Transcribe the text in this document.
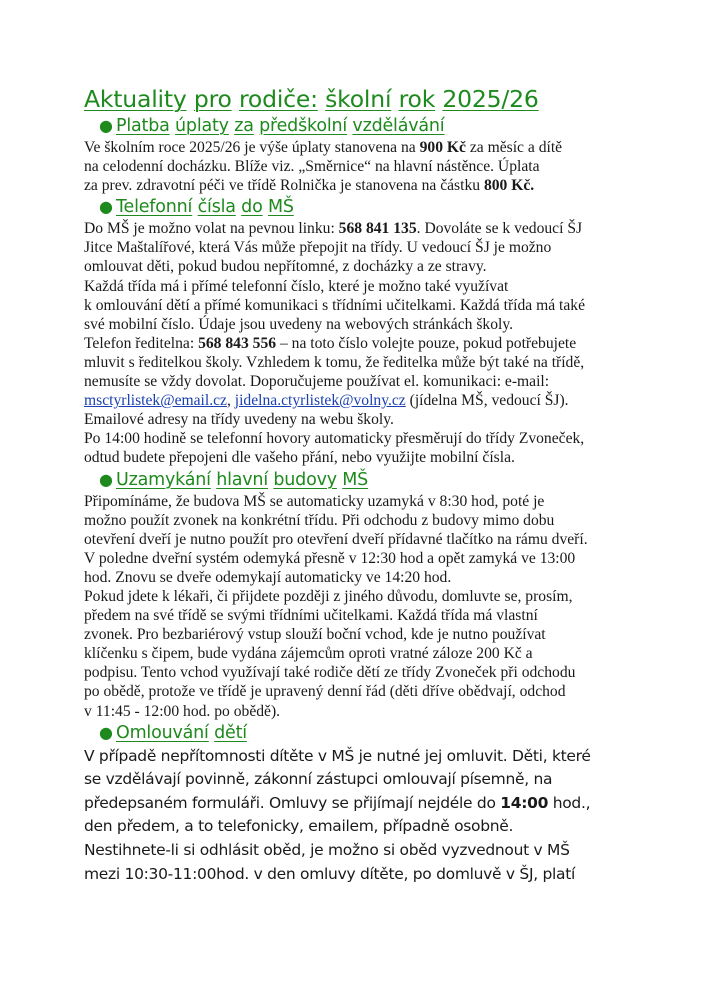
Aktuality pro rodiče: školní rok 2025/26
● Platba úplaty za předškolní vzdělávání

Ve školním roce 2025/26 je výše úplaty stanovena na 900 Kč za měsíc a dítě
na celodenní docházku. Blíže viz. „Směrnice“ na hlavní nástěnce. Úplata
za prev. zdravotní péči ve třídě Rolnička je stanovena na částku 800 Kč.

● Telefonní čísla do MŠ

Do MŠ je možno volat na pevnou linku: 568 841 135. Dovoláte se k vedoucí ŠJ
Jitce Maštalířové, která Vás může přepojit na třídy. U vedoucí ŠJ je možno
omlouvat děti, pokud budou nepřítomné, z docházky a ze stravy.
Každá třída má i přímé telefonní číslo, které je možno také využívat
k omlouvání dětí a přímé komunikaci s třídními učitelkami. Každá třída má také
své mobilní číslo. Údaje jsou uvedeny na webových stránkách školy.
Telefon ředitelna: 568 843 556 – na toto číslo volejte pouze, pokud potřebujete
mluvit s ředitelkou školy. Vzhledem k tomu, že ředitelka může být také na třídě,
nemusíte se vždy dovolat. Doporučujeme používat el. komunikaci: e-mail:
msctyrlistek@email.cz, jidelna.ctyrlistek@volny.cz (jídelna MŠ, vedoucí ŠJ).
Emailové adresy na třídy uvedeny na webu školy.
Po 14:00 hodině se telefonní hovory automaticky přesměrují do třídy Zvoneček,
odtud budete přepojeni dle vašeho přání, nebo využijte mobilní čísla.

● Uzamykání hlavní budovy MŠ

Připomínáme, že budova MŠ se automaticky uzamyká v 8:30 hod, poté je
možno použít zvonek na konkrétní třídu. Při odchodu z budovy mimo dobu
otevření dveří je nutno použít pro otevření dveří přídavné tlačítko na rámu dveří.
V poledne dveřní systém odemyká přesně v 12:30 hod a opět zamyká ve 13:00
hod. Znovu se dveře odemykají automaticky ve 14:20 hod.
Pokud jdete k lékaři, či přijdete později z jiného důvodu, domluvte se, prosím,
předem na své třídě se svými třídními učitelkami. Každá třída má vlastní
zvonek. Pro bezbariérový vstup slouží boční vchod, kde je nutno používat
klíčenku s čipem, bude vydána zájemcům oproti vratné záloze 200 Kč a
podpisu. Tento vchod využívají také rodiče dětí ze třídy Zvoneček při odchodu
po obědě, protože ve třídě je upravený denní řád (děti dříve obědvají, odchod
v 11:45 - 12:00 hod. po obědě).

● Omlouvání dětí

V případě nepřítomnosti dítěte v MŠ je nutné jej omluvit. Děti, které
se vzdělávají povinně, zákonní zástupci omlouvají písemně, na
předepsaném formuláři. Omluvy se přijímají nejdéle do 14:00 hod.,
den předem, a to telefonicky, emailem, případně osobně.
Nestihnete-li si odhlásit oběd, je možno si oběd vyzvednout v MŠ
mezi 10:30-11:00hod. v den omluvy dítěte, po domluvě v ŠJ, platí
